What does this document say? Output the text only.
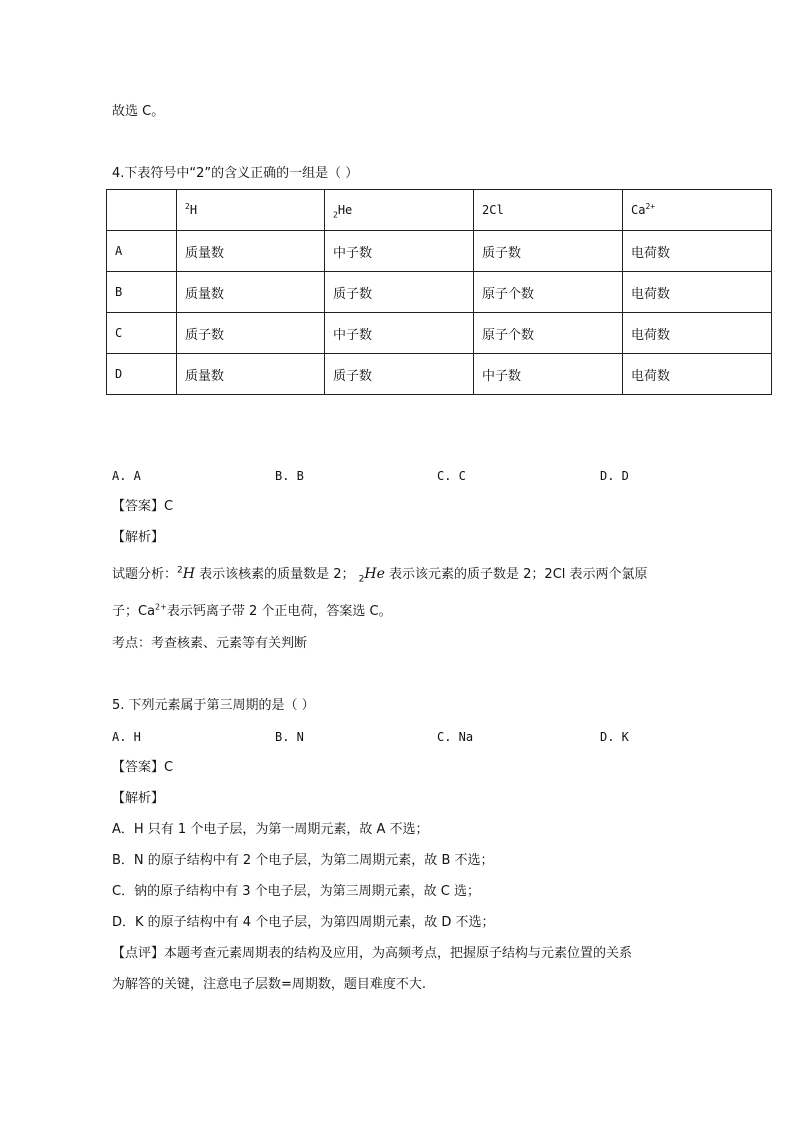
故选 C。
4.下表符号中“2”的含义正确的一组是（ ）
	$^2$H	$_2$He	2Cl	$Ca^{2+}$
A	质量数	中子数	质子数	电荷数
B	质量数	质子数	原子个数	电荷数
C	质子数	中子数	原子个数	电荷数
D	质量数	质子数	中子数	电荷数
A. A	B. B	C. C	D. D
【答案】C
【解析】
试题分析：$^2$H 表示该核素的质量数是 2； $_2$He 表示该元素的质子数是 2；2Cl 表示两个氯原
子；$Ca^{2+}$表示钙离子带 2 个正电荷，答案选 C。
考点：考查核素、元素等有关判断
5. 下列元素属于第三周期的是（ ）
A. H	B. N	C. Na	D. K
【答案】C
【解析】
A．H 只有 1 个电子层，为第一周期元素，故 A 不选；
B．N 的原子结构中有 2 个电子层，为第二周期元素，故 B 不选；
C．钠的原子结构中有 3 个电子层，为第三周期元素，故 C 选；
D．K 的原子结构中有 4 个电子层，为第四周期元素，故 D 不选；
【点评】本题考查元素周期表的结构及应用，为高频考点，把握原子结构与元素位置的关系
为解答的关键，注意电子层数=周期数，题目难度不大.
